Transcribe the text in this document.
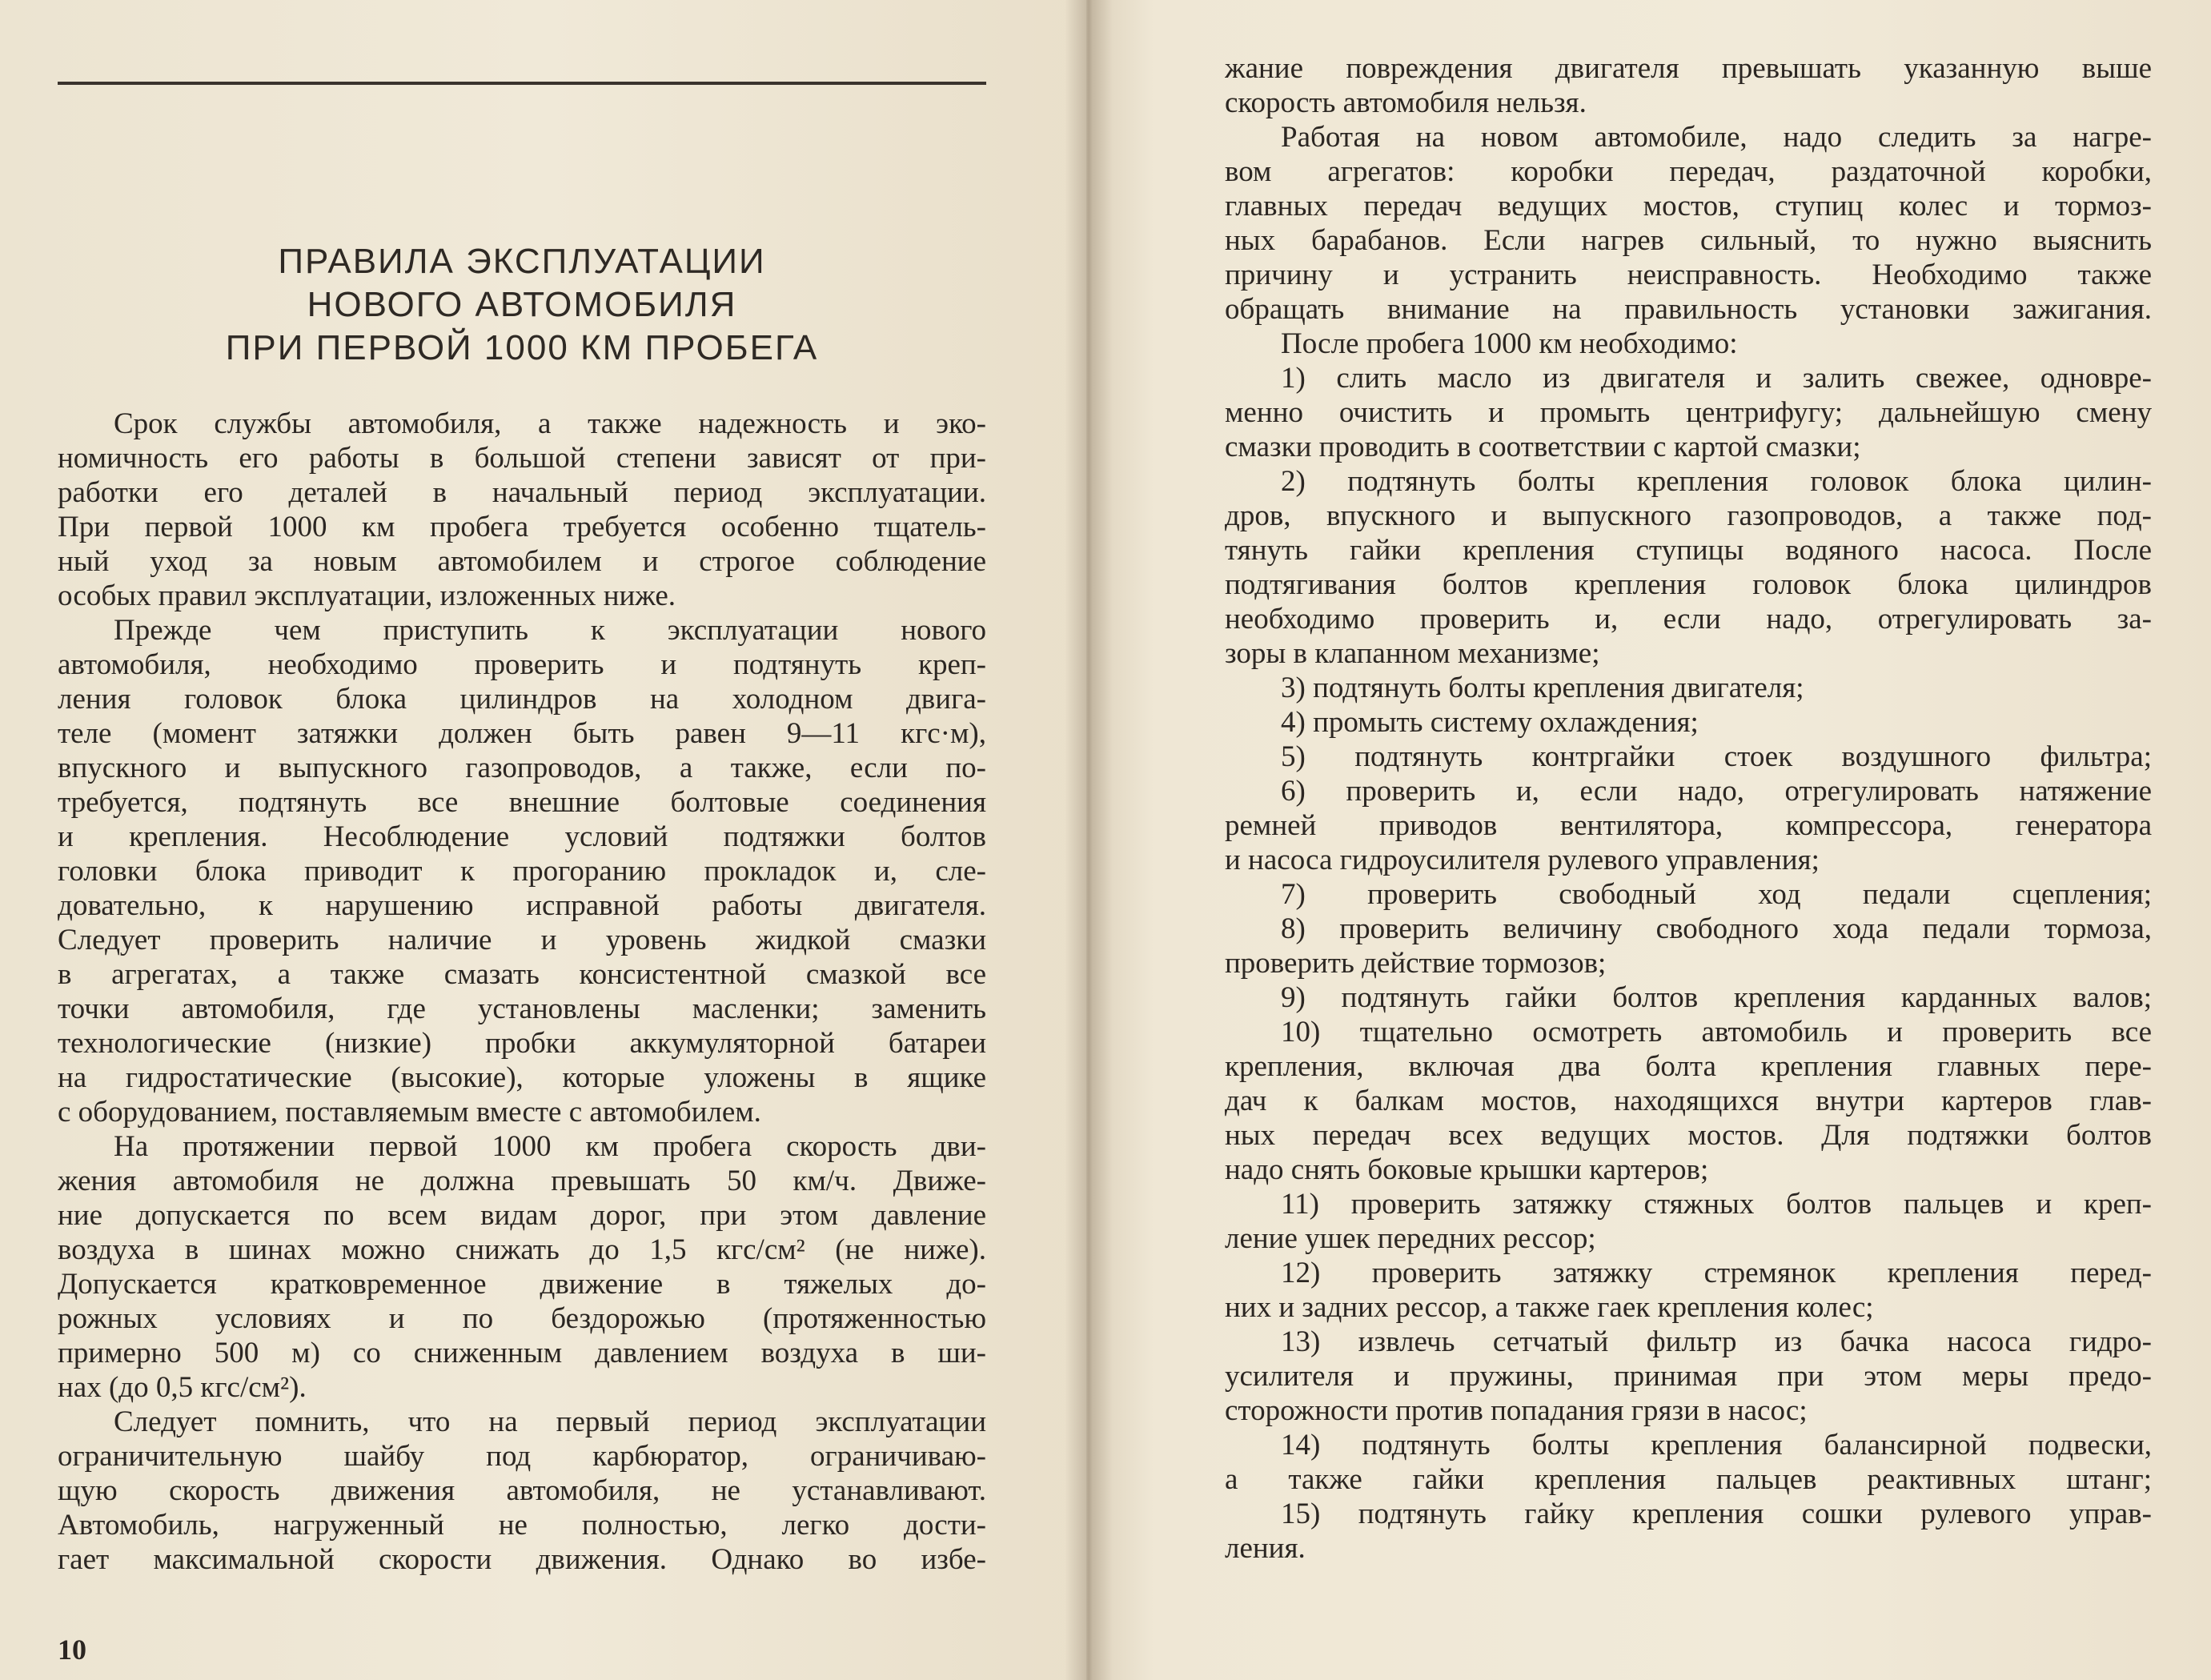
ПРАВИЛА ЭКСПЛУАТАЦИИ
НОВОГО АВТОМОБИЛЯ
ПРИ ПЕРВОЙ 1000 КМ ПРОБЕГА
Срок службы автомобиля, а также надежность и эко-
номичность его работы в большой степени зависят от при-
работки его деталей в начальный период эксплуатации.
При первой 1000 км пробега требуется особенно тщатель-
ный уход за новым автомобилем и строгое соблюдение
особых правил эксплуатации, изложенных ниже.
Прежде чем приступить к эксплуатации нового
автомобиля, необходимо проверить и подтянуть креп-
ления головок блока цилиндров на холодном двига-
теле (момент затяжки должен быть равен 9—11 кгс·м),
впускного и выпускного газопроводов, а также, если по-
требуется, подтянуть все внешние болтовые соединения
и крепления. Несоблюдение условий подтяжки болтов
головки блока приводит к прогоранию прокладок и, сле-
довательно, к нарушению исправной работы двигателя.
Следует проверить наличие и уровень жидкой смазки
в агрегатах, а также смазать консистентной смазкой все
точки автомобиля, где установлены масленки; заменить
технологические (низкие) пробки аккумуляторной батареи
на гидростатические (высокие), которые уложены в ящике
с оборудованием, поставляемым вместе с автомобилем.
На протяжении первой 1000 км пробега скорость дви-
жения автомобиля не должна превышать 50 км/ч. Движе-
ние допускается по всем видам дорог, при этом давление
воздуха в шинах можно снижать до 1,5 кгс/см² (не ниже).
Допускается кратковременное движение в тяжелых до-
рожных условиях и по бездорожью (протяженностью
примерно 500 м) со сниженным давлением воздуха в ши-
нах (до 0,5 кгс/см²).
Следует помнить, что на первый период эксплуатации
ограничительную шайбу под карбюратор, ограничиваю-
щую скорость движения автомобиля, не устанавливают.
Автомобиль, нагруженный не полностью, легко дости-
гает максимальной скорости движения. Однако во избе-
10
жание повреждения двигателя превышать указанную выше
скорость автомобиля нельзя.
Работая на новом автомобиле, надо следить за нагре-
вом агрегатов: коробки передач, раздаточной коробки,
главных передач ведущих мостов, ступиц колес и тормоз-
ных барабанов. Если нагрев сильный, то нужно выяснить
причину и устранить неисправность. Необходимо также
обращать внимание на правильность установки зажигания.
После пробега 1000 км необходимо:
1) слить масло из двигателя и залить свежее, одновре-
менно очистить и промыть центрифугу; дальнейшую смену
смазки проводить в соответствии с картой смазки;
2) подтянуть болты крепления головок блока цилин-
дров, впускного и выпускного газопроводов, а также под-
тянуть гайки крепления ступицы водяного насоса. После
подтягивания болтов крепления головок блока цилиндров
необходимо проверить и, если надо, отрегулировать за-
зоры в клапанном механизме;
3) подтянуть болты крепления двигателя;
4) промыть систему охлаждения;
5) подтянуть контргайки стоек воздушного фильтра;
6) проверить и, если надо, отрегулировать натяжение
ремней приводов вентилятора, компрессора, генератора
и насоса гидроусилителя рулевого управления;
7) проверить свободный ход педали сцепления;
8) проверить величину свободного хода педали тормоза,
проверить действие тормозов;
9) подтянуть гайки болтов крепления карданных валов;
10) тщательно осмотреть автомобиль и проверить все
крепления, включая два болта крепления главных пере-
дач к балкам мостов, находящихся внутри картеров глав-
ных передач всех ведущих мостов. Для подтяжки болтов
надо снять боковые крышки картеров;
11) проверить затяжку стяжных болтов пальцев и креп-
ление ушек передних рессор;
12) проверить затяжку стремянок крепления перед-
них и задних рессор, а также гаек крепления колес;
13) извлечь сетчатый фильтр из бачка насоса гидро-
усилителя и пружины, принимая при этом меры предо-
сторожности против попадания грязи в насос;
14) подтянуть болты крепления балансирной подвески,
а также гайки крепления пальцев реактивных штанг;
15) подтянуть гайку крепления сошки рулевого управ-
ления.
